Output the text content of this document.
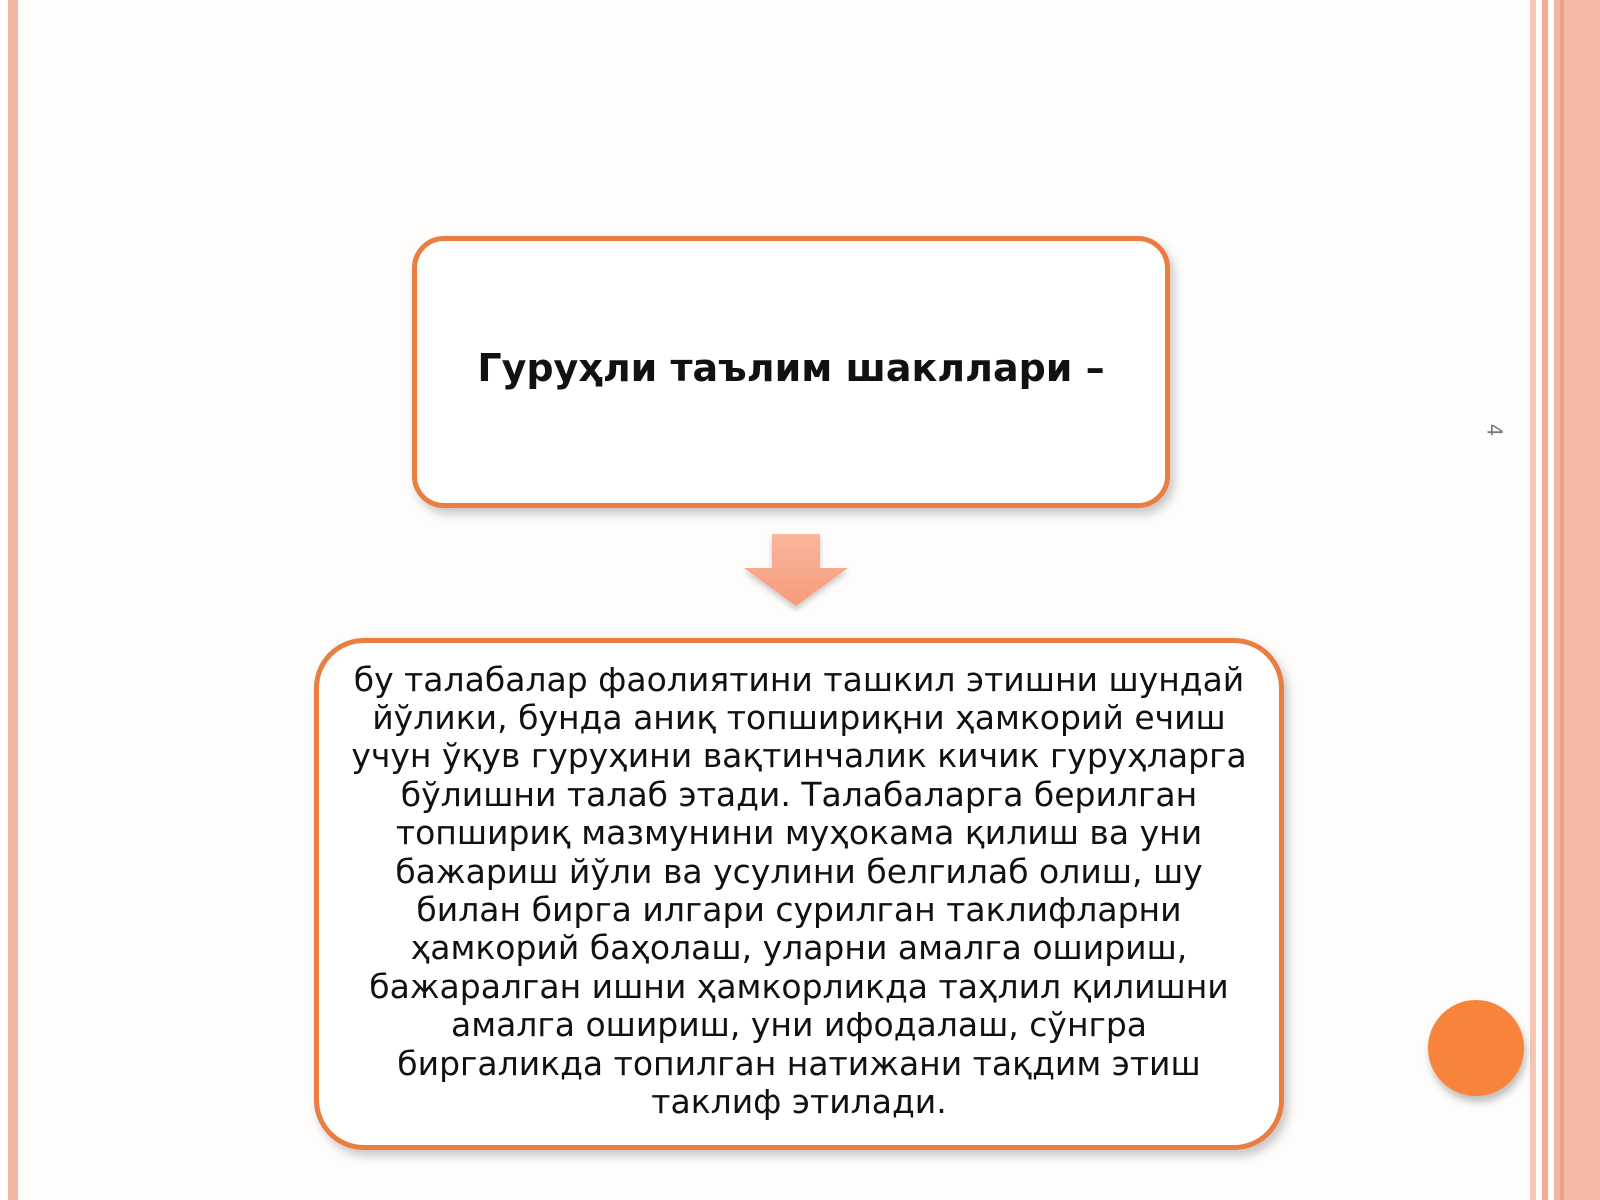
4
Гуруҳли таълим шакллари –
бу талабалар фаолиятини ташкил этишни шундай йўлики, бунда аниқ топшириқни ҳамкорий ечиш учун ўқув гуруҳини вақтинчалик кичик гуруҳларга бўлишни талаб этади. Талабаларга берилган топшириқ мазмунини муҳокама қилиш ва уни бажариш йўли ва усулини белгилаб олиш, шу билан бирга илгари сурилган таклифларни ҳамкорий баҳолаш, уларни амалга ошириш, бажаралган ишни ҳамкорликда таҳлил қилишни амалга ошириш, уни ифодалаш, сўнгра биргаликда топилган натижани тақдим этиш таклиф этилади.
